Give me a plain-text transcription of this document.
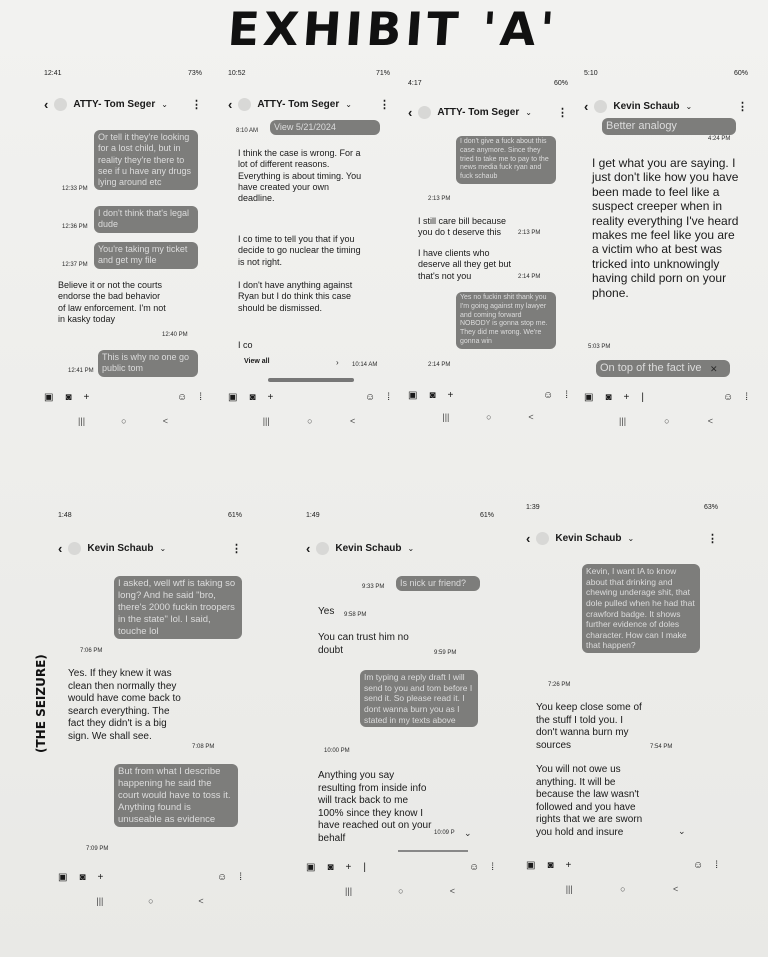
EXHIBIT 'A'
(THE SEIZURE)
12:41	73%
‹	ATTY- Tom Seger ⌄ ⋮
Or tell it they're looking for a lost child, but in reality they're there to see if u have any drugs lying around etc
12:33 PM
I don't think that's legal dude
12:36 PM
You're taking my ticket and get my file
12:37 PM
Believe it or not the courts endorse the bad behavior of law enforcement. I'm not in kasky today
12:40 PM
This is why no one go public tom
12:41 PM
▣ ◙ +	☺ ⁞
|||	○	<
10:52	71%
‹	ATTY- Tom Seger ⌄ ⋮
8:10 AM	View 5/21/2024
I think the case is wrong. For a lot of different reasons. Everything is about timing. You have created your own deadline.
I co time to tell you that if you decide to go nuclear the timing is not right.
I don't have anything against Ryan but I do think this case should be dismissed.
I co
View all	› 10:14 AM
▣ ◙ +	☺ ⁞
|||	○	<
4:17	60%
‹	ATTY- Tom Seger ⌄ ⋮
I don't give a fuck about this case anymore. Since they tried to take me to pay to the news media fuck ryan and fuck schaub
2:13 PM
I still care bill because you do t deserve this	2:13 PM
I have clients who deserve all they get but that's not you	2:14 PM
Yes no fuckin shit thank you I'm going against my lawyer and coming forward NOBODY is gonna stop me. They did me wrong. We're gonna win
2:14 PM
▣ ◙ +	☺ ⁞
|||	○	<
5:10	60%
‹	Kevin Schaub ⌄	⋮
Better analogy
4:24 PM
I get what you are saying. I just don't like how you have been made to feel like a suspect creeper when in reality everything I've heard makes me feel like you are a victim who at best was tricked into unknowingly having child porn on your phone.
5:03 PM
On top of the fact ive ✕
▣ ◙ + |	☺ ⁞
|||	○	<
1:48	61%
‹	Kevin Schaub ⌄	⋮
I asked, well wtf is taking so long? And he said "bro, there's 2000 fuckin troopers in the state" lol. I said, touche lol
7:06 PM
Yes. If they knew it was clean then normally they would have come back to search everything. The fact they didn't is a big sign. We shall see.
7:08 PM
But from what I describe happening he said the court would have to toss it. Anything found is unuseable as evidence
7:09 PM
▣ ◙ +	☺ ⁞
|||	○	<
1:49	61%
‹	Kevin Schaub ⌄
9:33 PM	Is nick ur friend?
Yes	9:58 PM
You can trust him no doubt	9:59 PM
Im typing a reply draft I will send to you and tom before I send it. So please read it. I dont wanna burn you as I stated in my texts above
10:00 PM
Anything you say resulting from inside info will track back to me 100% since they know I have reached out on your behalf	10:09 P ⌄
▣ ◙ + |	☺ ⁞
|||	○	<
1:39	63%
‹	Kevin Schaub ⌄	⋮
Kevin, I want IA to know about that drinking and chewing underage shit, that dole pulled when he had that crawford badge. It shows further evidence of doles character. How can I make that happen?
7:26 PM
You keep close some of the stuff I told you. I don't wanna burn my sources	7:54 PM
You will not owe us anything. It will be because the law wasn't followed and you have rights that we are sworn you hold and insure	⌄
▣ ◙ +	☺ ⁞
|||	○	<
